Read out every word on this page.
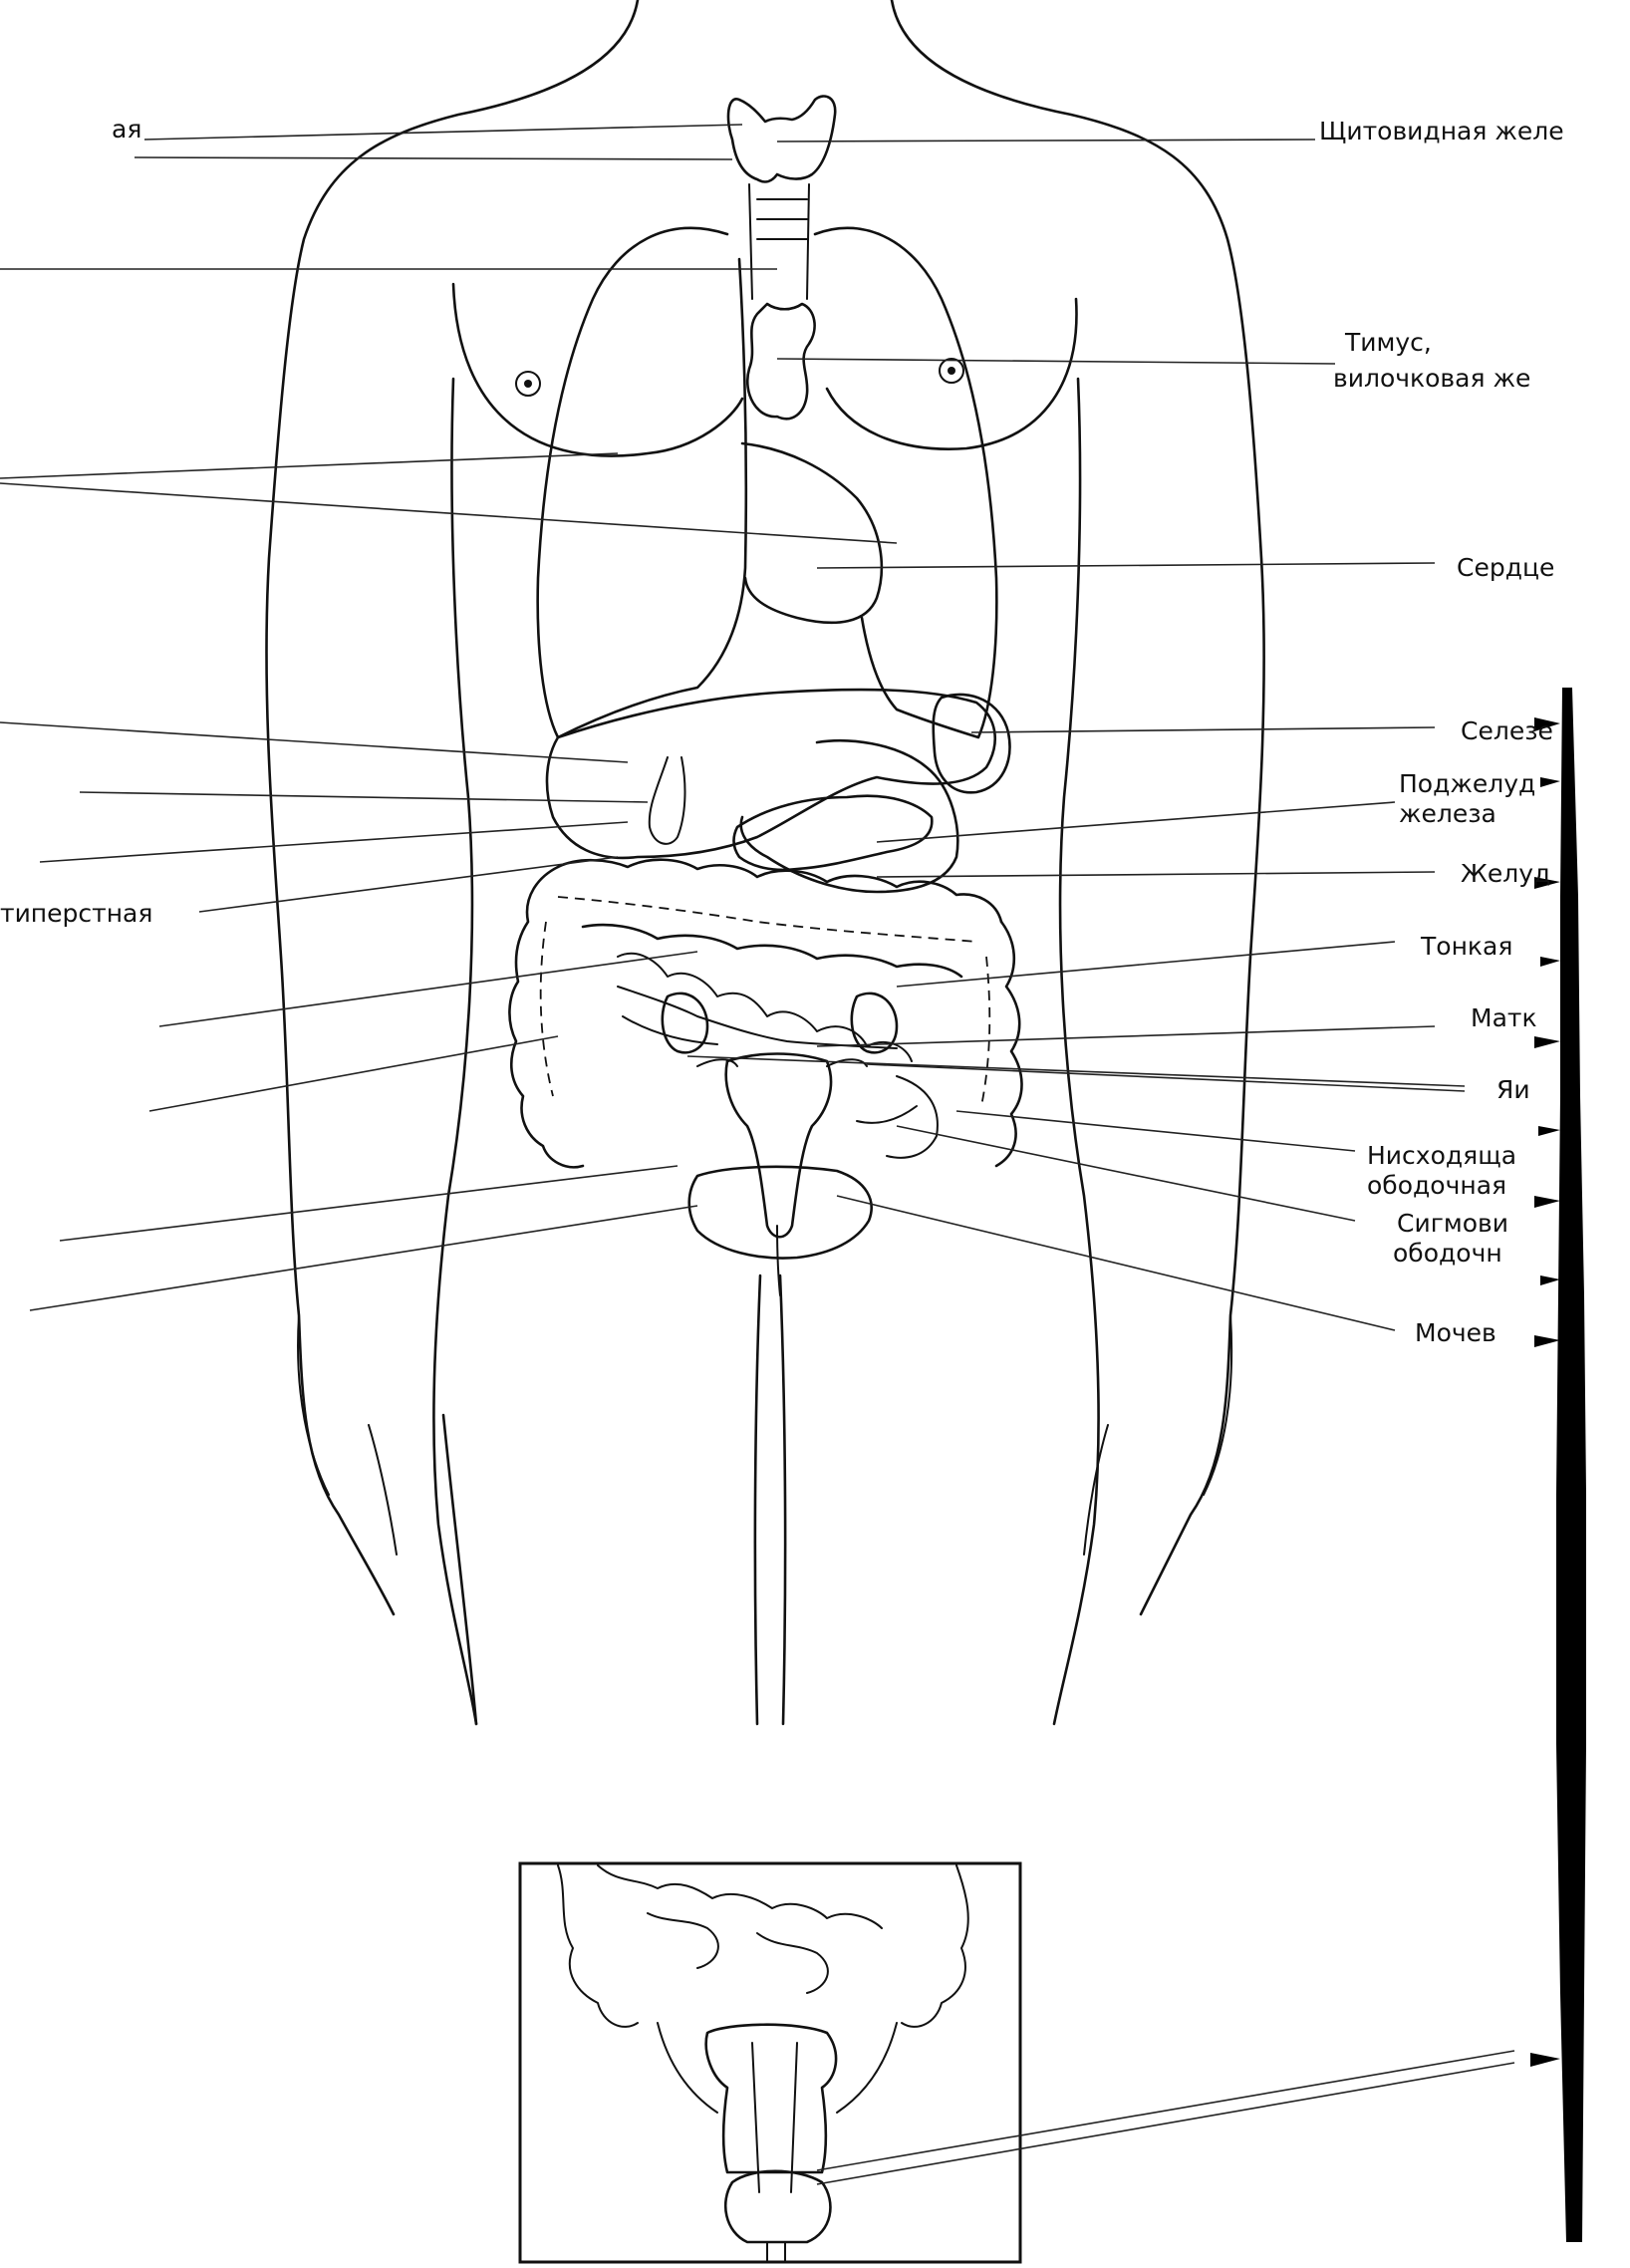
Щитовидная желе
Тимус,
вилочковая же
Сердце
Селезе
Поджелуд
железа
Желуд
Тонкая
Матк
Яи
Нисходяща
ободочная
Сигмови
ободочн
Мочев
ая
типерстная
